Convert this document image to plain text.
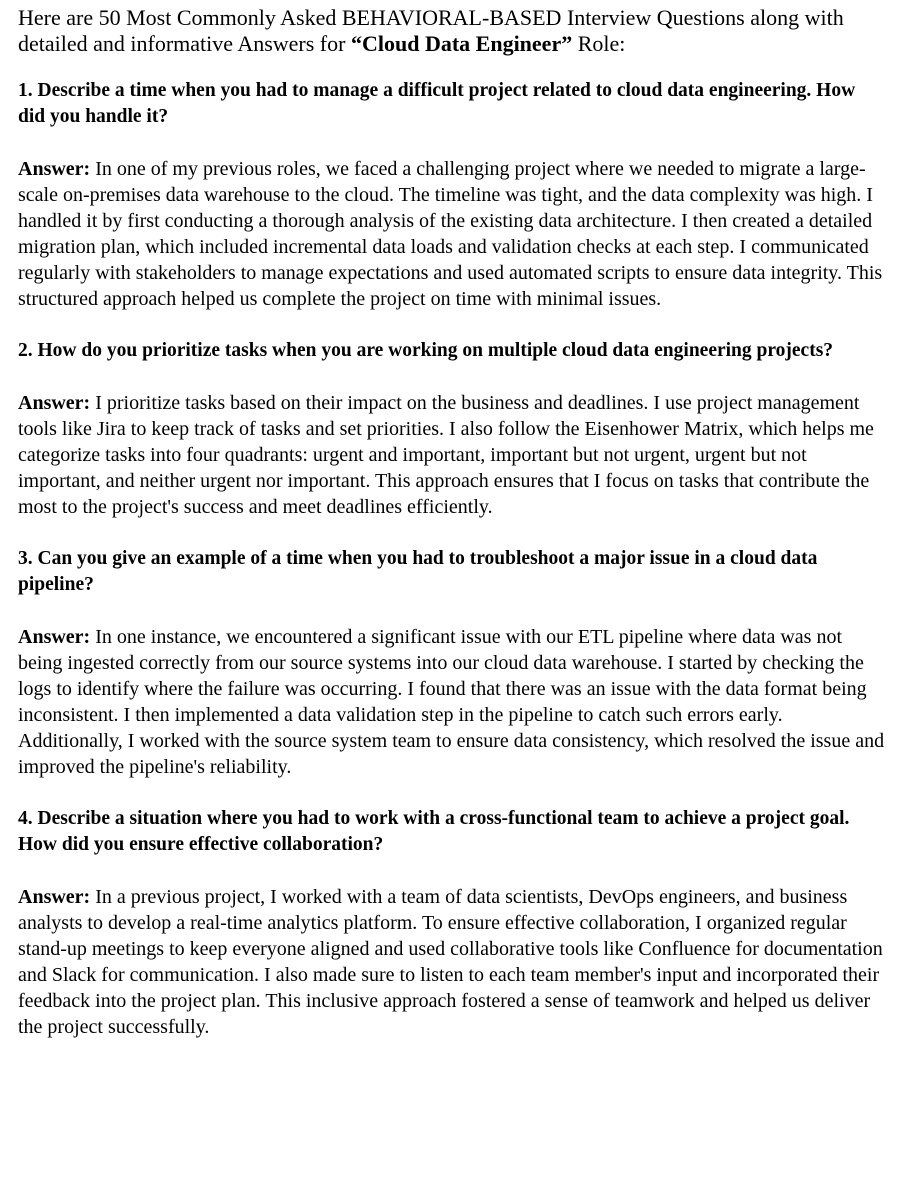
Here are 50 Most Commonly Asked BEHAVIORAL-BASED Interview Questions along with detailed and informative Answers for “Cloud Data Engineer” Role:

1. Describe a time when you had to manage a difficult project related to cloud data engineering. How did you handle it?

Answer: In one of my previous roles, we faced a challenging project where we needed to migrate a large-scale on-premises data warehouse to the cloud. The timeline was tight, and the data complexity was high. I handled it by first conducting a thorough analysis of the existing data architecture. I then created a detailed migration plan, which included incremental data loads and validation checks at each step. I communicated regularly with stakeholders to manage expectations and used automated scripts to ensure data integrity. This structured approach helped us complete the project on time with minimal issues.

2. How do you prioritize tasks when you are working on multiple cloud data engineering projects?

Answer: I prioritize tasks based on their impact on the business and deadlines. I use project management tools like Jira to keep track of tasks and set priorities. I also follow the Eisenhower Matrix, which helps me categorize tasks into four quadrants: urgent and important, important but not urgent, urgent but not important, and neither urgent nor important. This approach ensures that I focus on tasks that contribute the most to the project's success and meet deadlines efficiently.

3. Can you give an example of a time when you had to troubleshoot a major issue in a cloud data pipeline?

Answer: In one instance, we encountered a significant issue with our ETL pipeline where data was not being ingested correctly from our source systems into our cloud data warehouse. I started by checking the logs to identify where the failure was occurring. I found that there was an issue with the data format being inconsistent. I then implemented a data validation step in the pipeline to catch such errors early. Additionally, I worked with the source system team to ensure data consistency, which resolved the issue and improved the pipeline's reliability.

4. Describe a situation where you had to work with a cross-functional team to achieve a project goal. How did you ensure effective collaboration?

Answer: In a previous project, I worked with a team of data scientists, DevOps engineers, and business analysts to develop a real-time analytics platform. To ensure effective collaboration, I organized regular stand-up meetings to keep everyone aligned and used collaborative tools like Confluence for documentation and Slack for communication. I also made sure to listen to each team member's input and incorporated their feedback into the project plan. This inclusive approach fostered a sense of teamwork and helped us deliver the project successfully.
